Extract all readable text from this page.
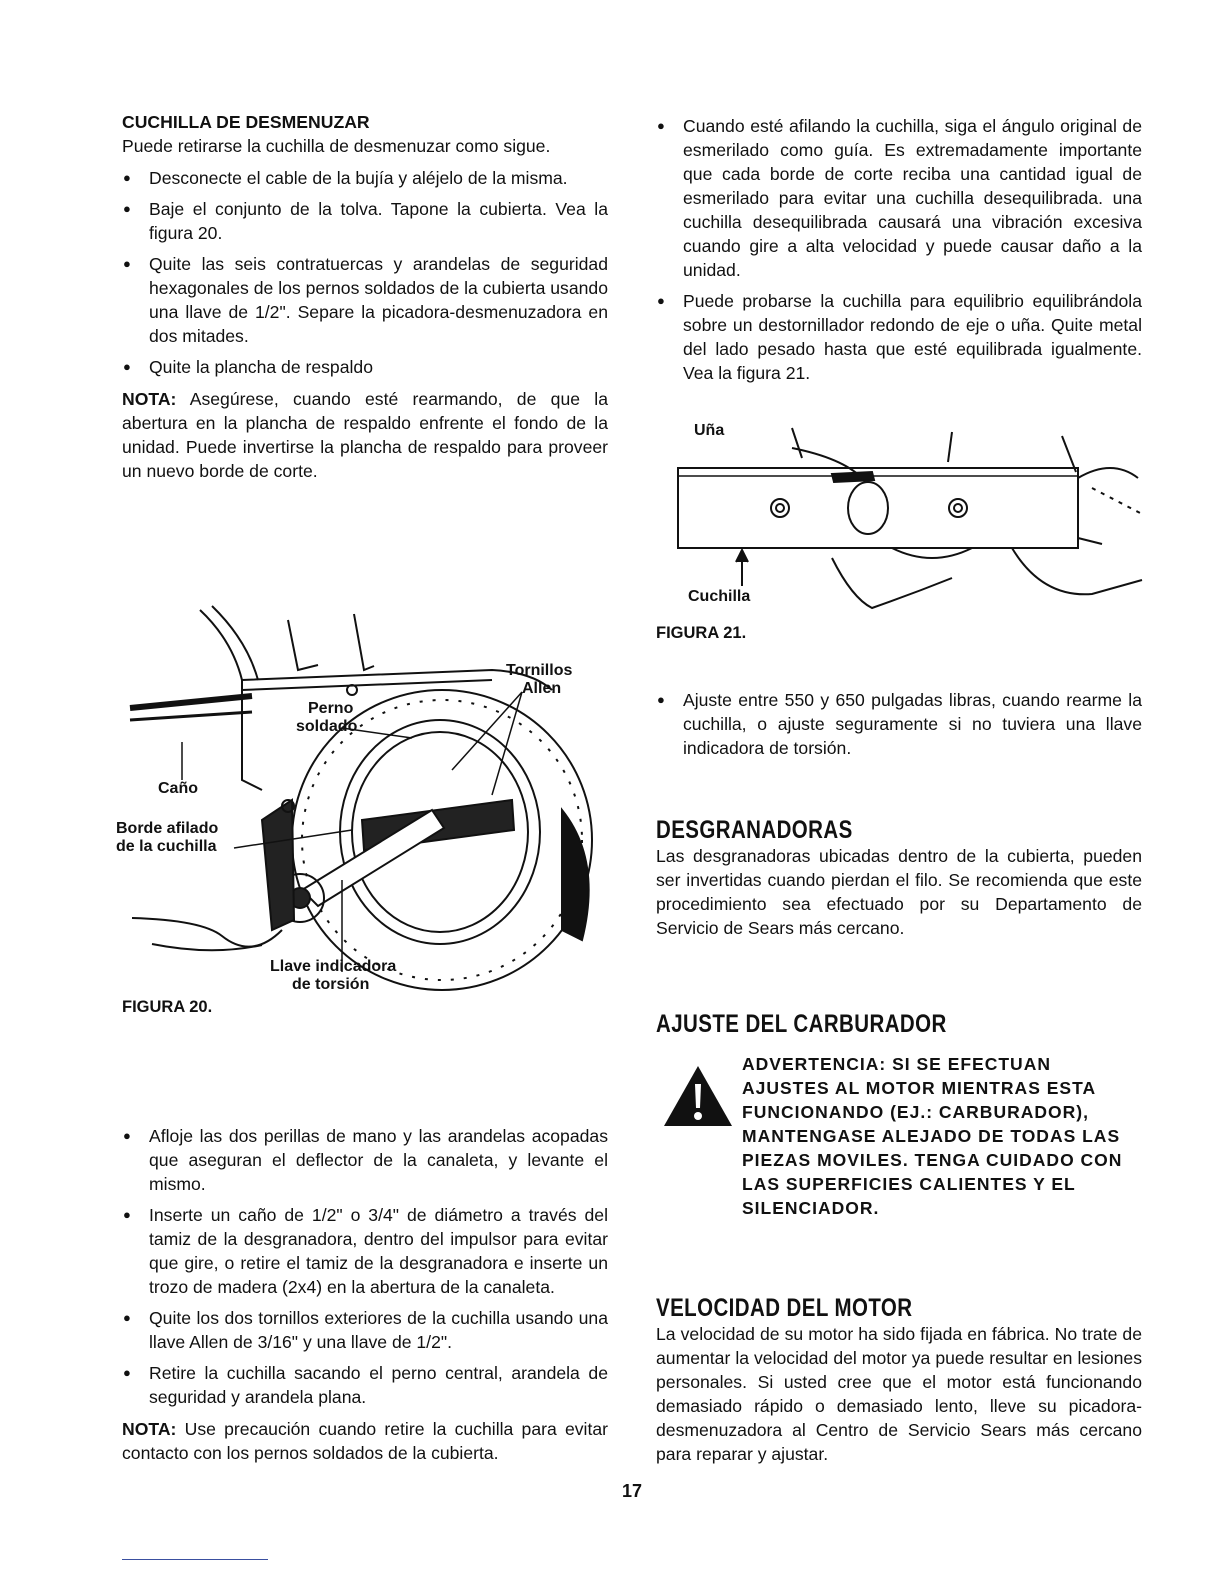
CUCHILLA DE DESMENUZAR

Puede retirarse la cuchilla de desmenuzar como sigue.

● Desconecte el cable de la bujía y aléjelo de la misma.
● Baje el conjunto de la tolva. Tapone la cubierta. Vea la figura 20.
● Quite las seis contratuercas y arandelas de seguridad hexagonales de los pernos soldados de la cubierta usando una llave de 1/2". Separe la picadora-desmenuzadora en dos mitades.
● Quite la plancha de respaldo

NOTA: Asegúrese, cuando esté rearmando, de que la abertura en la plancha de respaldo enfrente el fondo de la unidad. Puede invertirse la plancha de respaldo para proveer un nuevo borde de corte.

Tornillos
Allen
Perno
soldado
Caño
Borde afilado
de la cuchilla
Llave indicadora
de torsión
FIGURA 20.
● Afloje las dos perillas de mano y las arandelas acopadas que aseguran el deflector de la canaleta, y levante el mismo.
● Inserte un caño de 1/2" o 3/4" de diámetro a través del tamiz de la desgranadora, dentro del impulsor para evitar que gire, o retire el tamiz de la desgranadora e inserte un trozo de madera (2x4) en la abertura de la canaleta.
● Quite los dos tornillos exteriores de la cuchilla usando una llave Allen de 3/16" y una llave de 1/2".
● Retire la cuchilla sacando el perno central, arandela de seguridad y arandela plana.

NOTA: Use precaución cuando retire la cuchilla para evitar contacto con los pernos soldados de la cubierta.

● Cuando esté afilando la cuchilla, siga el ángulo original de esmerilado como guía. Es extremadamente importante que cada borde de corte reciba una cantidad igual de esmerilado para evitar una cuchilla desequilibrada. una cuchilla desequilibrada causará una vibración excesiva cuando gire a alta velocidad y puede causar daño a la unidad.
● Puede probarse la cuchilla para equilibrio equilibrándola sobre un destornillador redondo de eje o uña. Quite metal del lado pesado hasta que esté equilibrada igualmente. Vea la figura 21.
Uña
Cuchilla
FIGURA 21.
● Ajuste entre 550 y 650 pulgadas libras, cuando rearme la cuchilla, o ajuste seguramente si no tuviera una llave indicadora de torsión.
DESGRANADORAS

Las desgranadoras ubicadas dentro de la cubierta, pueden ser invertidas cuando pierdan el filo. Se recomienda que este procedimiento sea efectuado por su Departamento de Servicio de Sears más cercano.

AJUSTE DEL CARBURADOR
ADVERTENCIA: SI SE EFECTUAN AJUSTES AL MOTOR MIENTRAS ESTA FUNCIONANDO (EJ.: CARBURADOR), MANTENGASE ALEJADO DE TODAS LAS PIEZAS MOVILES. TENGA CUIDADO CON LAS SUPERFICIES CALIENTES Y EL SILENCIADOR.
VELOCIDAD DEL MOTOR

La velocidad de su motor ha sido fijada en fábrica. No trate de aumentar la velocidad del motor ya puede resultar en lesiones personales. Si usted cree que el motor está funcionando demasiado rápido o demasiado lento, lleve su picadora-desmenuzadora al Centro de Servicio Sears más cercano para reparar y ajustar.

17
